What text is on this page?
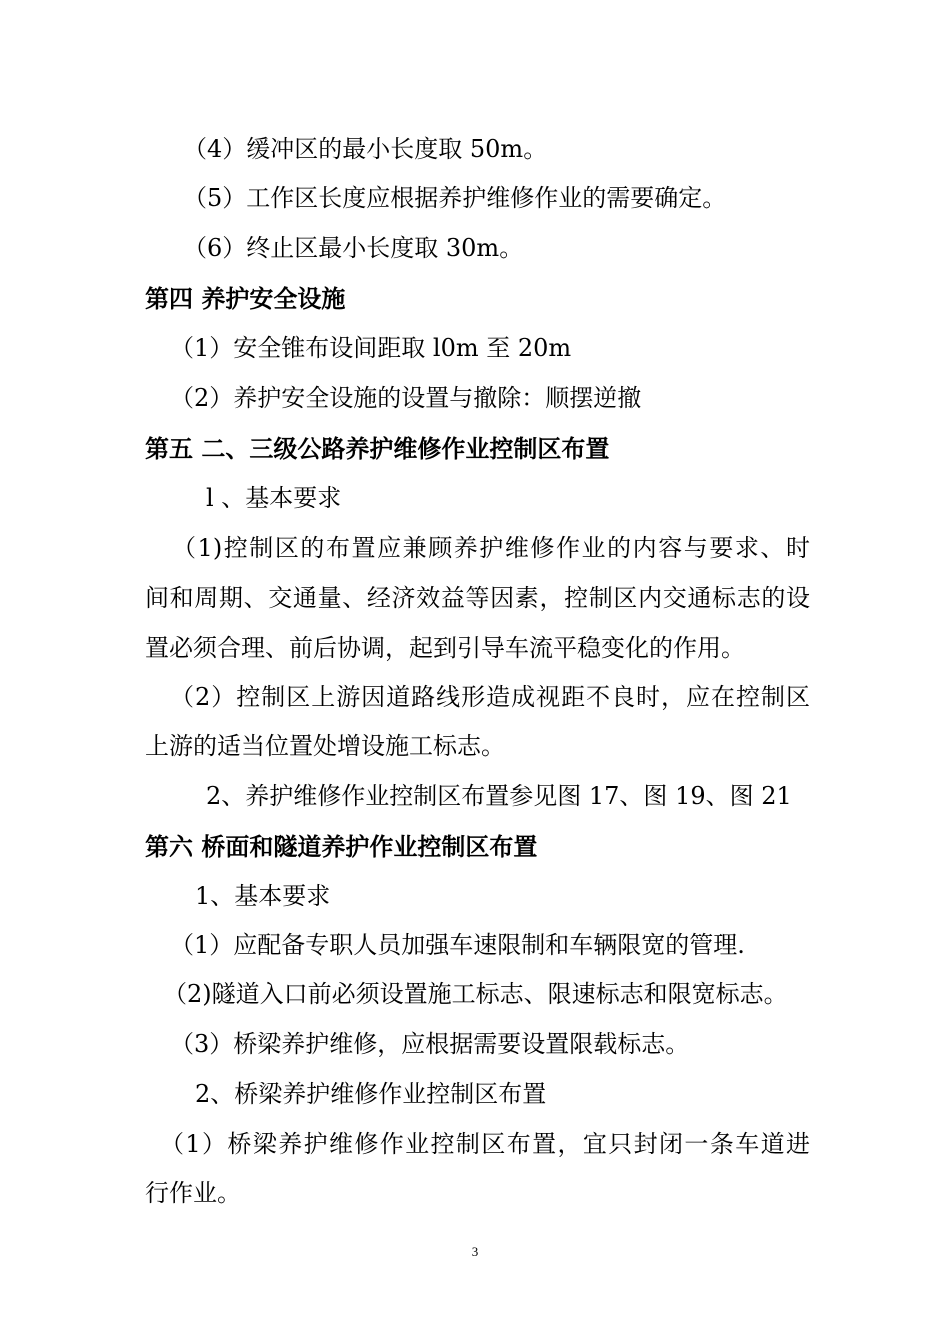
（4）缓冲区的最小长度取 50m。
（5）工作区长度应根据养护维修作业的需要确定。
（6）终止区最小长度取 30m。
第四 养护安全设施
（1）安全锥布设间距取 l0m 至 20m
（2）养护安全设施的设置与撤除：顺摆逆撤
第五 二、三级公路养护维修作业控制区布置
l 、基本要求
（1)控制区的布置应兼顾养护维修作业的内容与要求、时
间和周期、交通量、经济效益等因素，控制区内交通标志的设
置必须合理、前后协调，起到引导车流平稳变化的作用。
（2）控制区上游因道路线形造成视距不良时，应在控制区
上游的适当位置处增设施工标志。
2、养护维修作业控制区布置参见图 17、图 19、图 21
第六 桥面和隧道养护作业控制区布置
1、基本要求
（1）应配备专职人员加强车速限制和车辆限宽的管理.
（2)隧道入口前必须设置施工标志、限速标志和限宽标志。
（3）桥梁养护维修，应根据需要设置限载标志。
2、桥梁养护维修作业控制区布置
（1）桥梁养护维修作业控制区布置，宜只封闭一条车道进
行作业。
3
